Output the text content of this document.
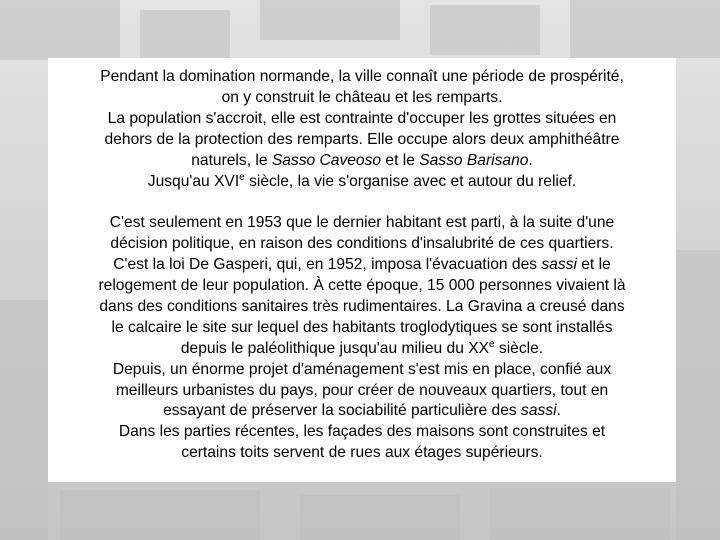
Pendant la domination normande, la ville connaît une période de prospérité,
on y construit le château et les remparts.
La population s'accroit, elle est contrainte d'occuper les grottes situées en
dehors de la protection des remparts. Elle occupe alors deux amphithéâtre
naturels, le Sasso Caveoso et le Sasso Barisano.
Jusqu'au XVIe siècle, la vie s'organise avec et autour du relief.
C'est seulement en 1953 que le dernier habitant est parti, à la suite d'une
décision politique, en raison des conditions d'insalubrité de ces quartiers.
C'est la loi De Gasperi, qui, en 1952, imposa l'évacuation des sassi et le
relogement de leur population. À cette époque, 15 000 personnes vivaient là
dans des conditions sanitaires très rudimentaires. La Gravina a creusé dans
le calcaire le site sur lequel des habitants troglodytiques se sont installés
depuis le paléolithique jusqu'au milieu du XXe siècle.
Depuis, un énorme projet d'aménagement s'est mis en place, confié aux
meilleurs urbanistes du pays, pour créer de nouveaux quartiers, tout en
essayant de préserver la sociabilité particulière des sassi.
Dans les parties récentes, les façades des maisons sont construites et
certains toits servent de rues aux étages supérieurs.
